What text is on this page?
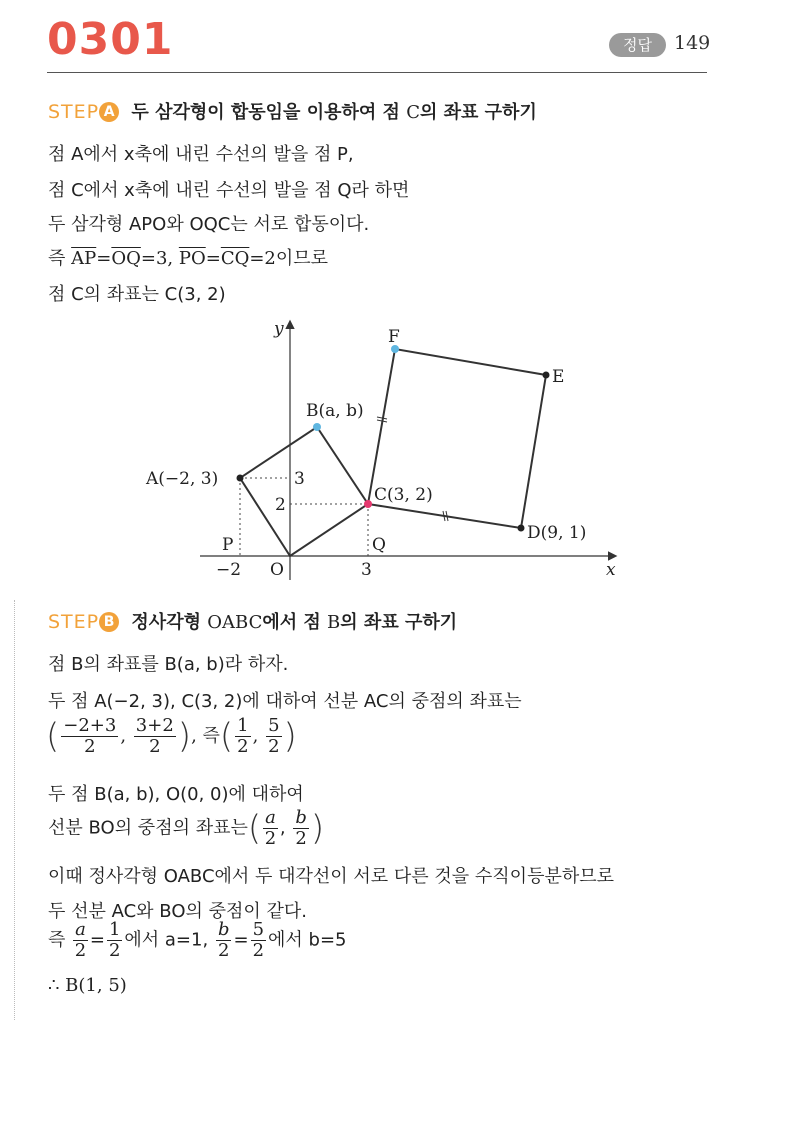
0301	정답	149
STEP A 두 삼각형이 합동임을 이용하여 점 C의 좌표 구하기
점 A에서 x축에 내린 수선의 발을 점 P,
점 C에서 x축에 내린 수선의 발을 점 Q라 하면
두 삼각형 APO와 OQC는 서로 합동이다.
즉 $\overline{AP}=\overline{OQ}=3$, $\overline{PO}=\overline{CQ}=2$이므로
점 C의 좌표는 C(3, 2)
y
x
O
A(−2, 3)
B(a, b)
C(3, 2)
D(9, 1)
E
F
P	Q
−2	3
3
2
STEP B 정사각형 OABC에서 점 B의 좌표 구하기
점 B의 좌표를 B(a, b)라 하자.
두 점 A(−2, 3), C(3, 2)에 대하여 선분 AC의 중점의 좌표는
( $\frac{-2+3}{2}$ , $\frac{3+2}{2}$ ), 즉( $\frac{1}{2}$ , $\frac{5}{2}$ )
두 점 B(a, b), O(0, 0)에 대하여
선분 BO의 중점의 좌표는( $\frac{a}{2}$ , $\frac{b}{2}$ )
이때 정사각형 OABC에서 두 대각선이 서로 다른 것을 수직이등분하므로
두 선분 AC와 BO의 중점이 같다.
즉 $\frac{a}{2} = \frac{1}{2}$ 에서 a=1, $\frac{b}{2} = \frac{5}{2}$ 에서 b=5
∴ B(1, 5)
